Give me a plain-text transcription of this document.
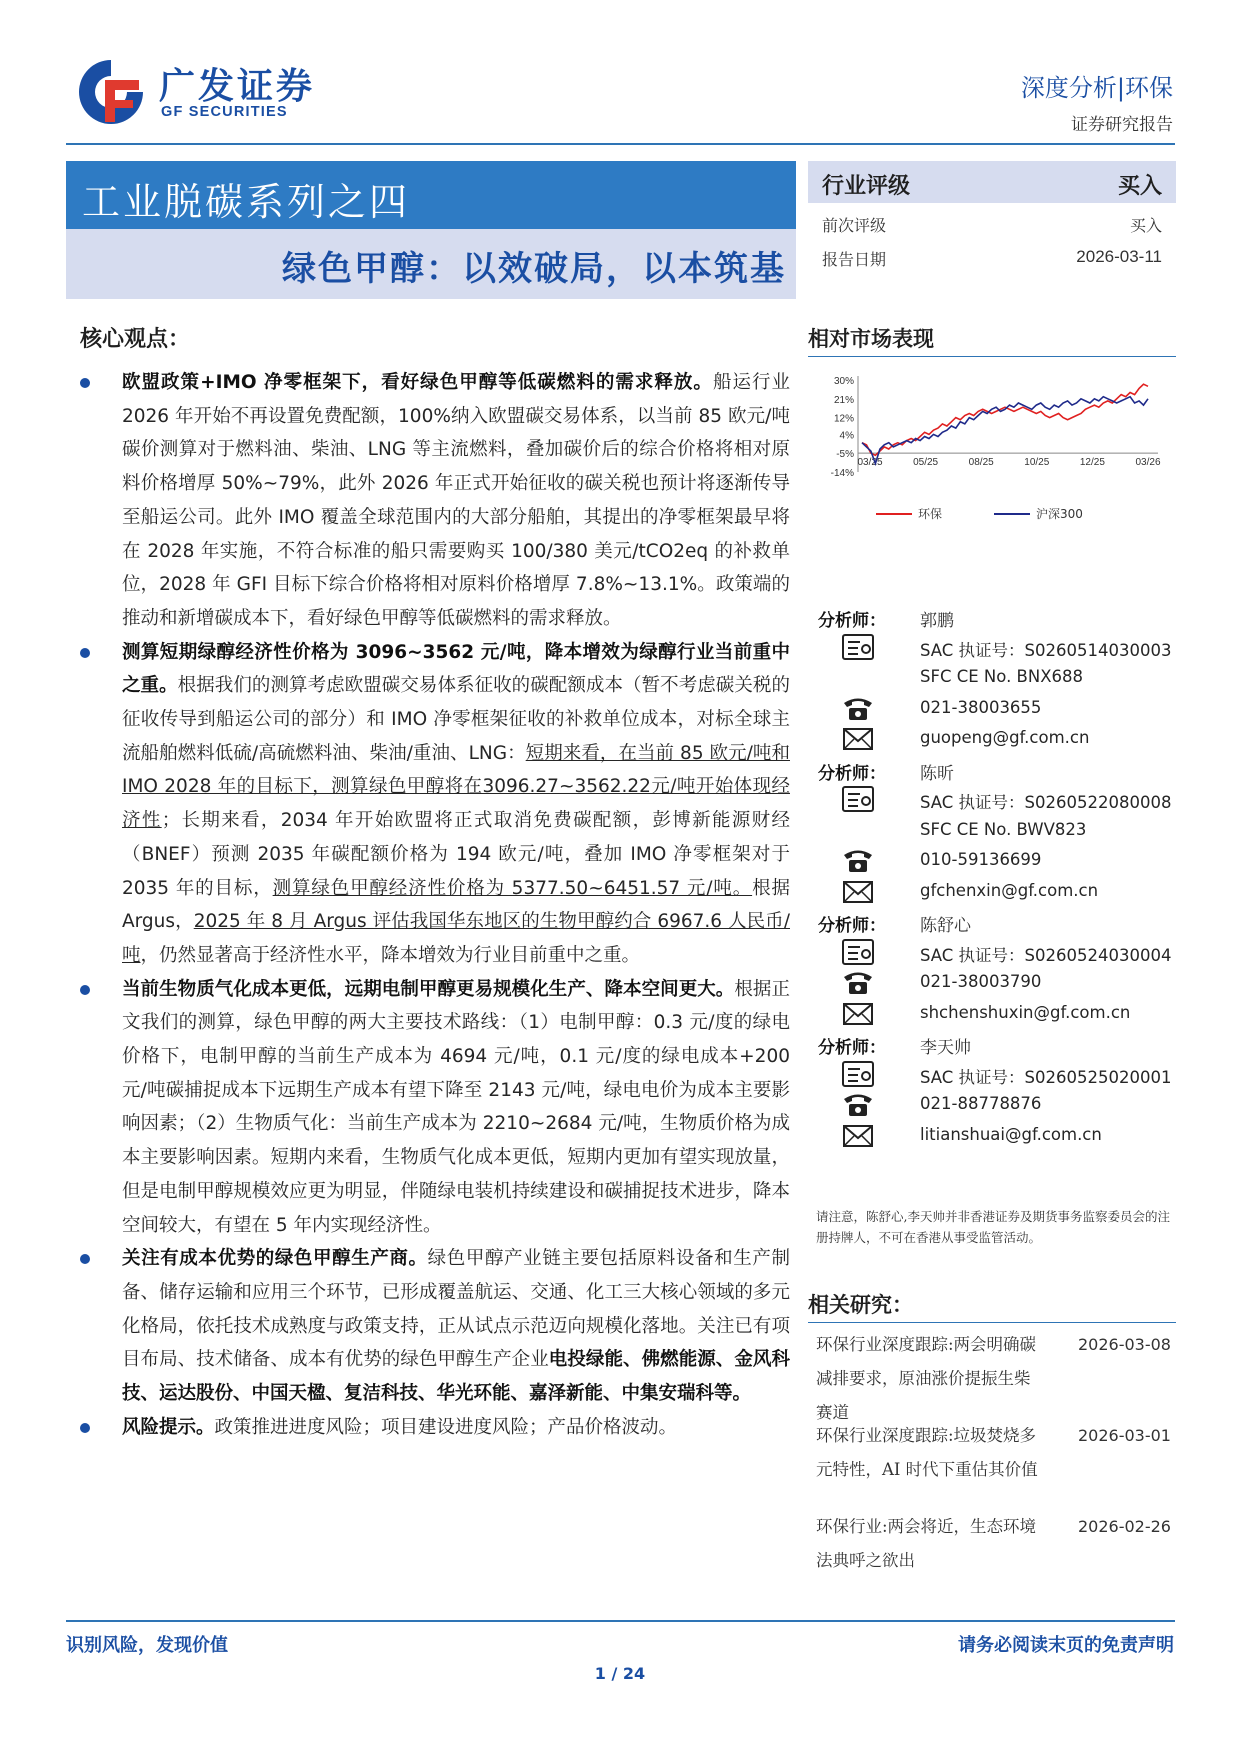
广发证券
GF SECURITIES
深度分析|环保
证券研究报告
工业脱碳系列之四
绿色甲醇：以效破局，以本筑基
行业评级	买入
前次评级	买入
报告日期	2026-03-11
核心观点：
欧盟政策+IMO 净零框架下，看好绿色甲醇等低碳燃料的需求释放。船运行业 2026 年开始不再设置免费配额，100%纳入欧盟碳交易体系，以当前 85 欧元/吨碳价测算对于燃料油、柴油、LNG 等主流燃料，叠加碳价后的综合价格将相对原料价格增厚 50%~79%，此外 2026 年正式开始征收的碳关税也预计将逐渐传导至船运公司。此外 IMO 覆盖全球范围内的大部分船舶，其提出的净零框架最早将在 2028 年实施，不符合标准的船只需要购买 100/380 美元/tCO2eq 的补救单位，2028 年 GFI 目标下综合价格将相对原料价格增厚 7.8%~13.1%。政策端的推动和新增碳成本下，看好绿色甲醇等低碳燃料的需求释放。
测算短期绿醇经济性价格为 3096~3562 元/吨，降本增效为绿醇行业当前重中之重。根据我们的测算考虑欧盟碳交易体系征收的碳配额成本（暂不考虑碳关税的征收传导到船运公司的部分）和 IMO 净零框架征收的补救单位成本，对标全球主流船舶燃料低硫/高硫燃料油、柴油/重油、LNG：短期来看，在当前 85 欧元/吨和 IMO 2028 年的目标下，测算绿色甲醇将在3096.27~3562.22元/吨开始体现经济性；长期来看，2034 年开始欧盟将正式取消免费碳配额，彭博新能源财经（BNEF）预测 2035 年碳配额价格为 194 欧元/吨，叠加 IMO 净零框架对于 2035 年的目标，测算绿色甲醇经济性价格为 5377.50~6451.57 元/吨。根据 Argus，2025 年 8 月 Argus 评估我国华东地区的生物甲醇约合 6967.6 人民币/吨，仍然显著高于经济性水平，降本增效为行业目前重中之重。
当前生物质气化成本更低，远期电制甲醇更易规模化生产、降本空间更大。根据正文我们的测算，绿色甲醇的两大主要技术路线：（1）电制甲醇：0.3 元/度的绿电价格下，电制甲醇的当前生产成本为 4694 元/吨，0.1 元/度的绿电成本+200 元/吨碳捕捉成本下远期生产成本有望下降至 2143 元/吨，绿电电价为成本主要影响因素；（2）生物质气化：当前生产成本为 2210~2684 元/吨，生物质价格为成本主要影响因素。短期内来看，生物质气化成本更低，短期内更加有望实现放量，但是电制甲醇规模效应更为明显，伴随绿电装机持续建设和碳捕捉技术进步，降本空间较大，有望在 5 年内实现经济性。
关注有成本优势的绿色甲醇生产商。绿色甲醇产业链主要包括原料设备和生产制备、储存运输和应用三个环节，已形成覆盖航运、交通、化工三大核心领域的多元化格局，依托技术成熟度与政策支持，正从试点示范迈向规模化落地。关注已有项目布局、技术储备、成本有优势的绿色甲醇生产企业电投绿能、佛燃能源、金风科技、运达股份、中国天楹、复洁科技、华光环能、嘉泽新能、中集安瑞科等。
风险提示。政策推进进度风险；项目建设进度风险；产品价格波动。
相对市场表现
30%
21%
12%
4%
-5%
-14%
03/25	05/25	08/25	10/25	12/25	03/26
环保	沪深300
分析师： 郭鹏
SAC 执证号：S0260514030003
SFC CE No. BNX688
021-38003655
guopeng@gf.com.cn
分析师： 陈昕
SAC 执证号：S0260522080008
SFC CE No. BWV823
010-59136699
gfchenxin@gf.com.cn
分析师： 陈舒心
SAC 执证号：S0260524030004
021-38003790
shchenshuxin@gf.com.cn
分析师： 李天帅
SAC 执证号：S0260525020001
021-88778876
litianshuai@gf.com.cn
请注意，陈舒心,李天帅并非香港证券及期货事务监察委员会的注册持牌人，不可在香港从事受监管活动。
相关研究：
环保行业深度跟踪:两会明确碳减排要求，原油涨价提振生柴赛道
2026-03-08
环保行业深度跟踪:垃圾焚烧多元特性，AI 时代下重估其价值
2026-03-01
环保行业:两会将近，生态环境法典呼之欲出
2026-02-26
识别风险，发现价值	请务必阅读末页的免责声明
1 / 24
